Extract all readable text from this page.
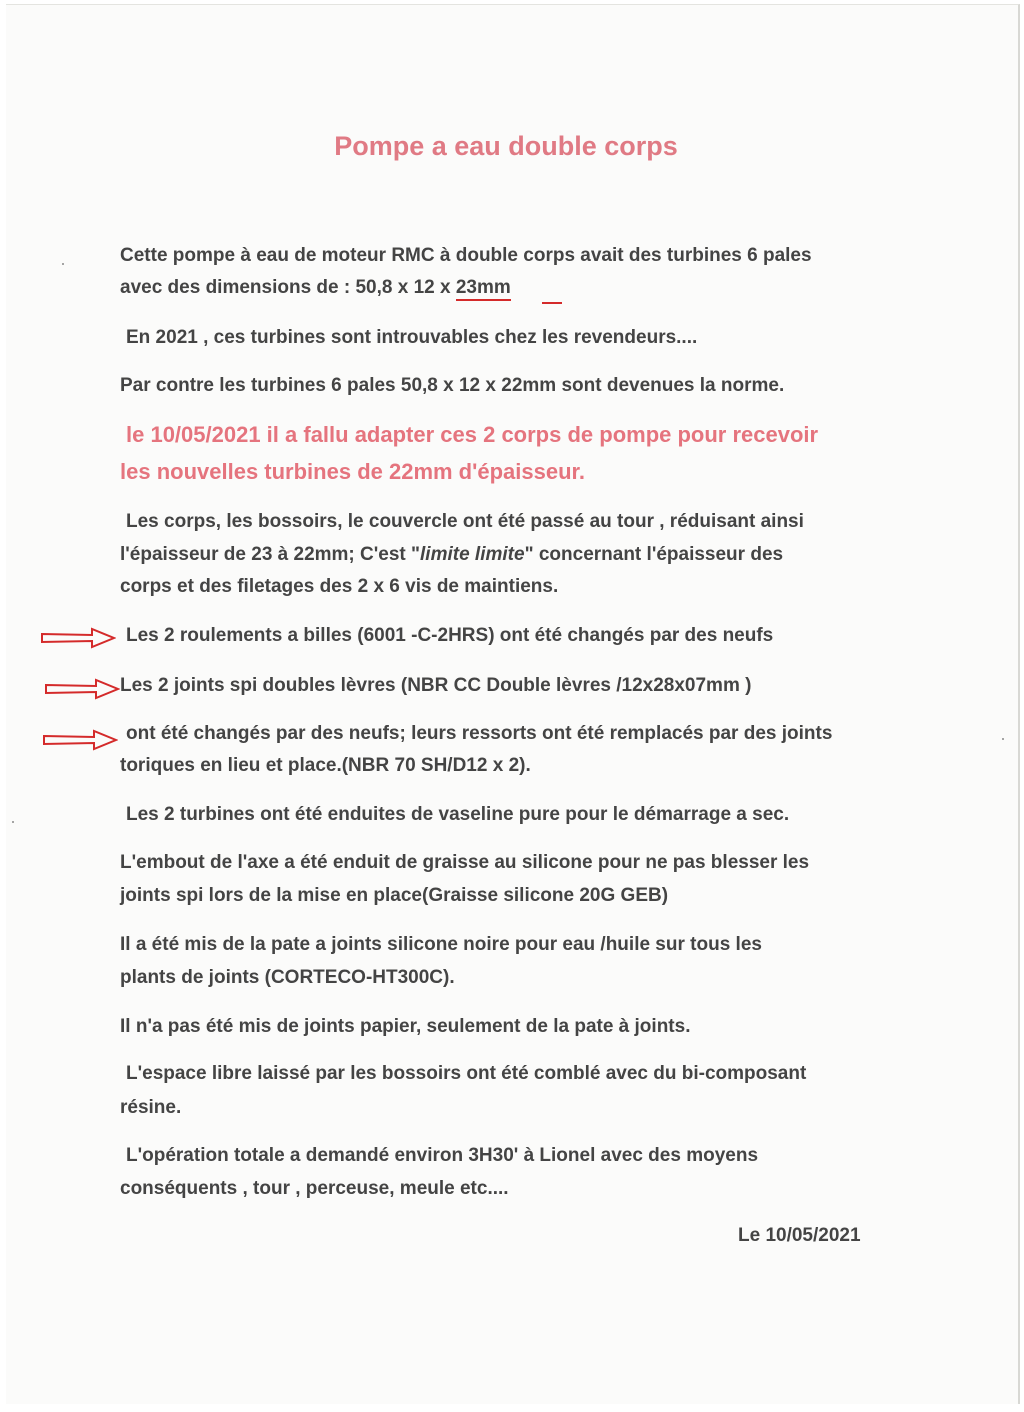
Pompe a eau double corps
Cette pompe à eau de moteur RMC à double corps avait des turbines 6 pales
avec des dimensions de : 50,8 x 12 x 23mm
En 2021 , ces turbines sont introuvables chez les revendeurs....
Par contre les turbines 6 pales 50,8 x 12 x 22mm sont devenues la norme.
le 10/05/2021 il a fallu adapter ces 2 corps de pompe pour recevoir
les nouvelles turbines de 22mm d'épaisseur.
Les corps, les bossoirs, le couvercle ont été passé au tour , réduisant ainsi
l'épaisseur de 23 à 22mm; C'est "limite limite" concernant l'épaisseur des
corps et des filetages des 2 x 6 vis de maintiens.
Les 2 roulements a billes (6001 -C-2HRS) ont été changés par des neufs
Les 2 joints spi doubles lèvres (NBR CC Double lèvres /12x28x07mm )
ont été changés par des neufs; leurs ressorts ont été remplacés par des joints
toriques en lieu et place.(NBR 70 SH/D12 x 2).
Les 2 turbines ont été enduites de vaseline pure pour le démarrage a sec.
L'embout de l'axe a été enduit de graisse au silicone pour ne pas blesser les
joints spi lors de la mise en place(Graisse silicone 20G GEB)
Il a été mis de la pate a joints silicone noire pour eau /huile sur tous les
plants de joints (CORTECO-HT300C).
Il n'a pas été mis de joints papier, seulement de la pate à joints.
L'espace libre laissé par les bossoirs ont été comblé avec du bi-composant
résine.
L'opération totale a demandé environ 3H30' à Lionel avec des moyens
conséquents , tour , perceuse, meule etc....
Le 10/05/2021
